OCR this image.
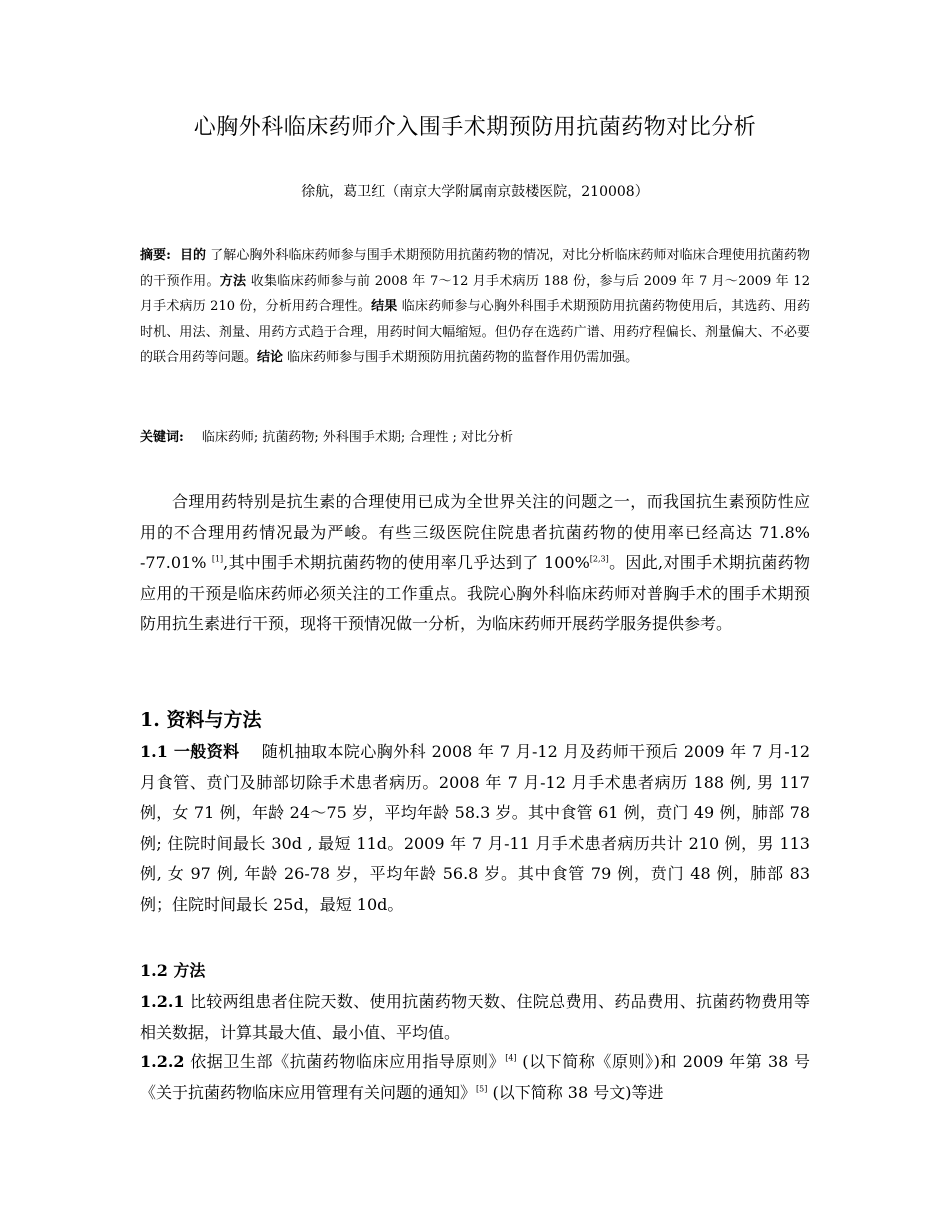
心胸外科临床药师介入围手术期预防用抗菌药物对比分析

徐航，葛卫红（南京大学附属南京鼓楼医院，210008）

摘要: 目的 了解心胸外科临床药师参与围手术期预防用抗菌药物的情况，对比分析临床药师对临床合理使用抗菌药物的干预作用。方法 收集临床药师参与前 2008 年 7～12 月手术病历 188 份，参与后 2009 年 7 月～2009 年 12 月手术病历 210 份，分析用药合理性。结果 临床药师参与心胸外科围手术期预防用抗菌药物使用后，其选药、用药时机、用法、剂量、用药方式趋于合理，用药时间大幅缩短。但仍存在选药广谱、用药疗程偏长、剂量偏大、不必要的联合用药等问题。结论 临床药师参与围手术期预防用抗菌药物的监督作用仍需加强。

关键词: 临床药师; 抗菌药物; 外科围手术期; 合理性 ; 对比分析

合理用药特别是抗生素的合理使用已成为全世界关注的问题之一，而我国抗生素预防性应用的不合理用药情况最为严峻。有些三级医院住院患者抗菌药物的使用率已经高达 71.8% -77.01% [1],其中围手术期抗菌药物的使用率几乎达到了 100%[2,3]。因此,对围手术期抗菌药物应用的干预是临床药师必须关注的工作重点。我院心胸外科临床药师对普胸手术的围手术期预防用抗生素进行干预，现将干预情况做一分析，为临床药师开展药学服务提供参考。

1. 资料与方法

1.1 一般资料 随机抽取本院心胸外科 2008 年 7 月-12 月及药师干预后 2009 年 7 月-12 月食管、贲门及肺部切除手术患者病历。2008 年 7 月-12 月手术患者病历 188 例, 男 117 例，女 71 例，年龄 24～75 岁，平均年龄 58.3 岁。其中食管 61 例，贲门 49 例，肺部 78 例; 住院时间最长 30d , 最短 11d。2009 年 7 月-11 月手术患者病历共计 210 例，男 113 例, 女 97 例, 年龄 26-78 岁，平均年龄 56.8 岁。其中食管 79 例，贲门 48 例，肺部 83 例；住院时间最长 25d，最短 10d。

1.2 方法

1.2.1 比较两组患者住院天数、使用抗菌药物天数、住院总费用、药品费用、抗菌药物费用等相关数据，计算其最大值、最小值、平均值。

1.2.2 依据卫生部《抗菌药物临床应用指导原则》[4] (以下简称《原则》)和 2009 年第 38 号《关于抗菌药物临床应用管理有关问题的通知》[5] (以下简称 38 号文)等进
